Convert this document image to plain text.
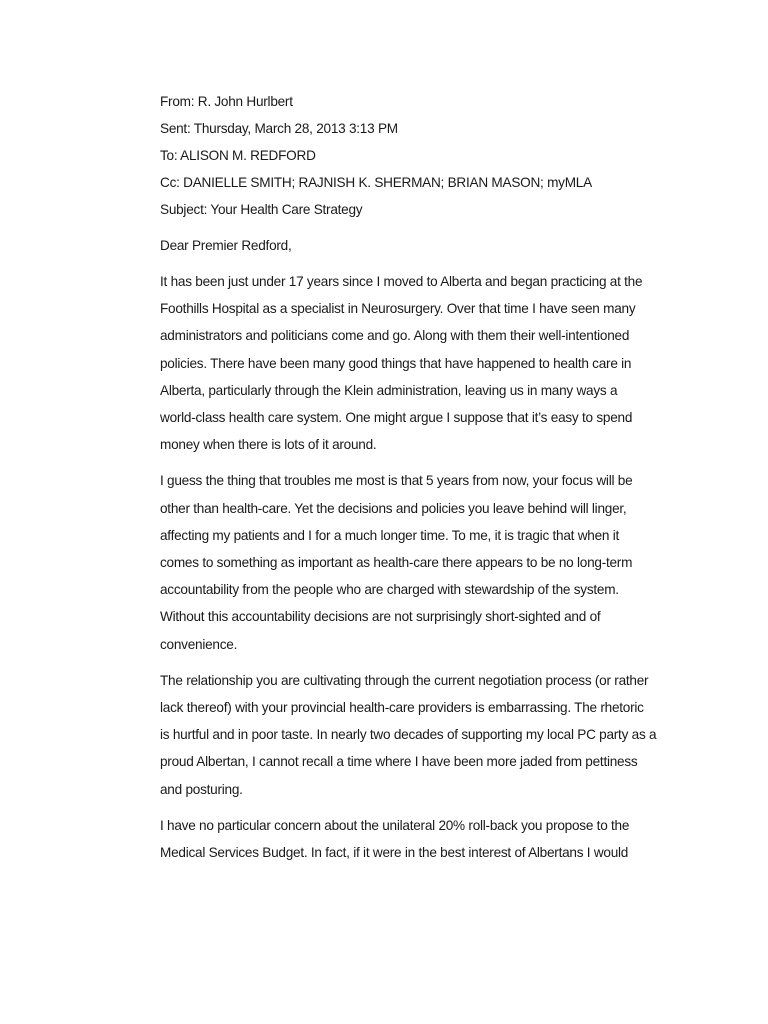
From: R. John Hurlbert
Sent: Thursday, March 28, 2013 3:13 PM
To: ALISON M. REDFORD
Cc: DANIELLE SMITH; RAJNISH K. SHERMAN; BRIAN MASON; myMLA
Subject: Your Health Care Strategy
Dear Premier Redford,
It has been just under 17 years since I moved to Alberta and began practicing at the
Foothills Hospital as a specialist in Neurosurgery. Over that time I have seen many
administrators and politicians come and go. Along with them their well-intentioned
policies. There have been many good things that have happened to health care in
Alberta, particularly through the Klein administration, leaving us in many ways a
world-class health care system. One might argue I suppose that it’s easy to spend
money when there is lots of it around.
I guess the thing that troubles me most is that 5 years from now, your focus will be
other than health-care. Yet the decisions and policies you leave behind will linger,
affecting my patients and I for a much longer time. To me, it is tragic that when it
comes to something as important as health-care there appears to be no long-term
accountability from the people who are charged with stewardship of the system.
Without this accountability decisions are not surprisingly short-sighted and of
convenience.
The relationship you are cultivating through the current negotiation process (or rather
lack thereof) with your provincial health-care providers is embarrassing. The rhetoric
is hurtful and in poor taste. In nearly two decades of supporting my local PC party as a
proud Albertan, I cannot recall a time where I have been more jaded from pettiness
and posturing.
I have no particular concern about the unilateral 20% roll-back you propose to the
Medical Services Budget. In fact, if it were in the best interest of Albertans I would
